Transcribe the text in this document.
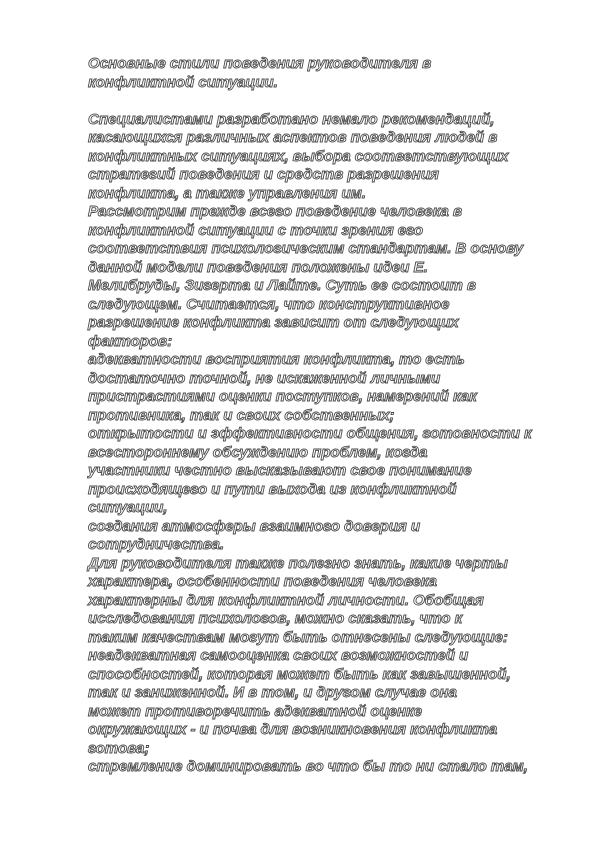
Основные стили поведения руководителя в
конфликтной ситуации.
Специалистами разработано немало рекомендаций,
касающихся различных аспектов поведения людей в
конфликтных ситуациях, выбора соответствующих
стратегий поведения и средств разрешения
конфликта, а также управления им.
Рассмотрим прежде всего поведение человека в
конфликтной ситуации с точки зрения его
соответствия психологическим стандартам. В основу
данной модели поведения положены идеи Е.
Мелибруды, Зигерта и Лайте. Суть ее состоит в
следующем. Считается, что конструктивное
разрешение конфликта зависит от следующих
факторов:
адекватности восприятия конфликта, то есть
достаточно точной, не искаженной личными
пристрастиями оценки поступков, намерений как
противника, так и своих собственных;
открытости и эффективности общения, готовности к
всестороннему обсуждению проблем, когда
участники честно высказывают свое понимание
происходящего и пути выхода из конфликтной
ситуации,
создания атмосферы взаимного доверия и
сотрудничества.
Для руководителя также полезно знать, какие черты
характера, особенности поведения человека
характерны для конфликтной личности. Обобщая
исследования психологов, можно сказать, что к
таким качествам могут быть отнесены следующие:
неадекватная самооценка своих возможностей и
способностей, которая может быть как завышенной,
так и заниженной. И в том, и другом случае она
может противоречить адекватной оценке
окружающих - и почва для возникновения конфликта
готова;
стремление доминировать во что бы то ни стало там,
